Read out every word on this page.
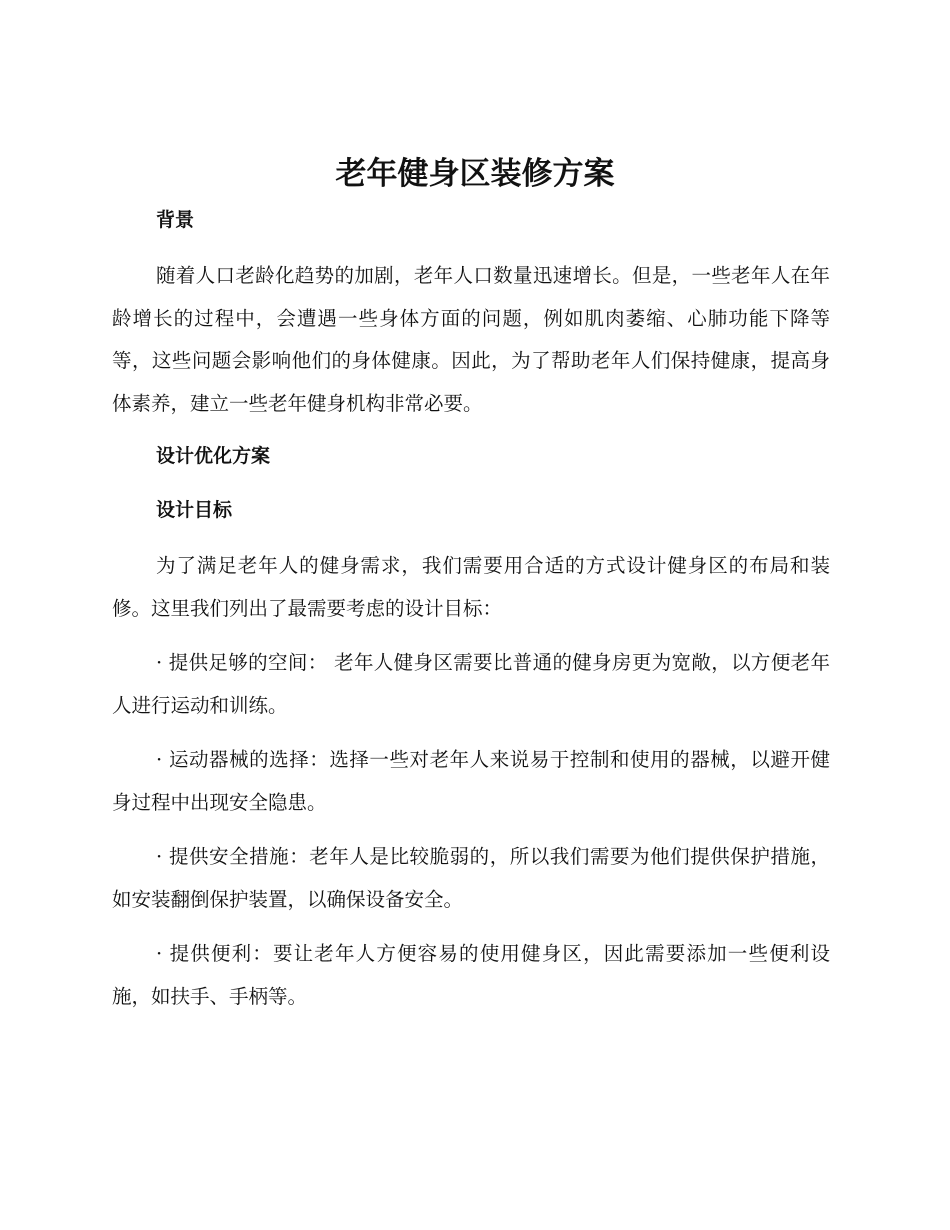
老年健身区装修方案
背景

随着人口老龄化趋势的加剧，老年人口数量迅速增长。但是，一些老年人在年龄增长的过程中，会遭遇一些身体方面的问题，例如肌肉萎缩、心肺功能下降等等，这些问题会影响他们的身体健康。因此，为了帮助老年人们保持健康，提高身体素养，建立一些老年健身机构非常必要。

设计优化方案
设计目标

为了满足老年人的健身需求，我们需要用合适的方式设计健身区的布局和装修。这里我们列出了最需要考虑的设计目标：

· 提供足够的空间： 老年人健身区需要比普通的健身房更为宽敞，以方便老年人进行运动和训练。

· 运动器械的选择：选择一些对老年人来说易于控制和使用的器械，以避开健身过程中出现安全隐患。

· 提供安全措施：老年人是比较脆弱的，所以我们需要为他们提供保护措施，如安装翻倒保护装置，以确保设备安全。

· 提供便利：要让老年人方便容易的使用健身区，因此需要添加一些便利设施，如扶手、手柄等。
